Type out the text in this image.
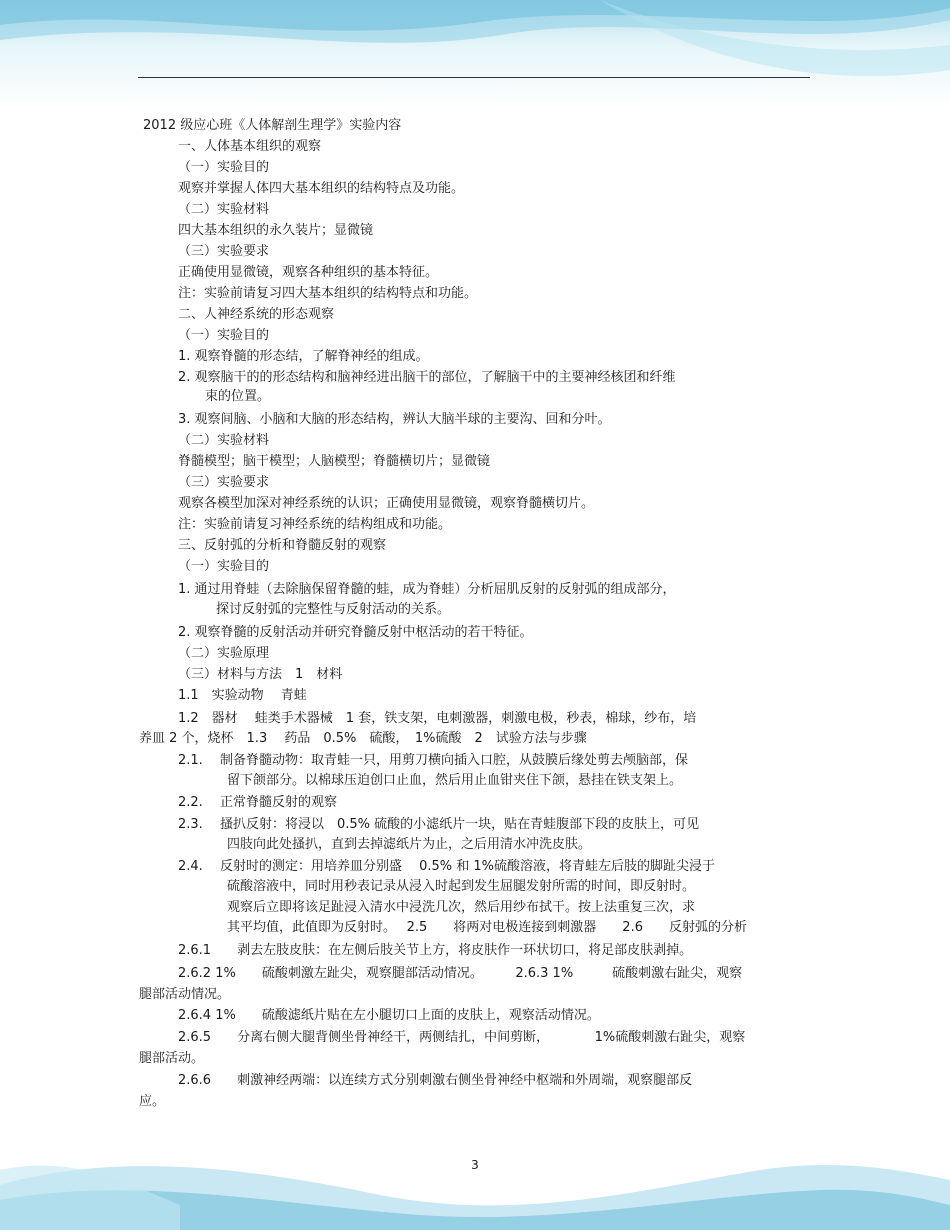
2012 级应心班《人体解剖生理学》实验内容
一、人体基本组织的观察
（一）实验目的
观察并掌握人体四大基本组织的结构特点及功能。
（二）实验材料
四大基本组织的永久装片；显微镜
（三）实验要求
正确使用显微镜，观察各种组织的基本特征。
注：实验前请复习四大基本组织的结构特点和功能。
二、人神经系统的形态观察
（一）实验目的
1. 观察脊髓的形态结，了解脊神经的组成。
2. 观察脑干的的形态结构和脑神经进出脑干的部位，了解脑干中的主要神经核团和纤维
束的位置。
3. 观察间脑、小脑和大脑的形态结构，辨认大脑半球的主要沟、回和分叶。
（二）实验材料
脊髓模型；脑干模型；人脑模型；脊髓横切片；显微镜
（三）实验要求
观察各模型加深对神经系统的认识；正确使用显微镜，观察脊髓横切片。
注：实验前请复习神经系统的结构组成和功能。
三、反射弧的分析和脊髓反射的观察
（一）实验目的
1. 通过用脊蛙（去除脑保留脊髓的蛙，成为脊蛙）分析屈肌反射的反射弧的组成部分，
探讨反射弧的完整性与反射活动的关系。
2. 观察脊髓的反射活动并研究脊髓反射中枢活动的若干特征。
（二）实验原理
（三）材料与方法　1　材料
1.1　实验动物　 青蛙
1.2　器材　 蛙类手术器械　1 套，铁支架，电刺激器，刺激电极，秒表，棉球，纱布，培
养皿 2 个，烧杯　1.3　 药品　0.5%　硫酸，　1%硫酸　2　试验方法与步骤
2.1.　 制备脊髓动物：取青蛙一只，用剪刀横向插入口腔，从鼓膜后缘处剪去颅脑部，保
留下颌部分。以棉球压迫创口止血，然后用止血钳夹住下颌，悬挂在铁支架上。
2.2.　 正常脊髓反射的观察
2.3.　 搔扒反射：将浸以　0.5% 硫酸的小滤纸片一块，贴在青蛙腹部下段的皮肤上，可见
四肢向此处搔扒，直到去掉滤纸片为止，之后用清水冲洗皮肤。
2.4.　 反射时的测定：用培养皿分别盛　 0.5% 和 1%硫酸溶液，将青蛙左后肢的脚趾尖浸于
硫酸溶液中，同时用秒表记录从浸入时起到发生屈腿发射所需的时间，即反射时。
观察后立即将该足趾浸入清水中浸洗几次，然后用纱布拭干。按上法重复三次，求
其平均值，此值即为反射时。　 2.5　　将两对电极连接到刺激器　　2.6　　反射弧的分析
2.6.1　　剥去左肢皮肤：在左侧后肢关节上方，将皮肤作一环状切口，将足部皮肤剥掉。
2.6.2 1%　　硫酸刺激左趾尖，观察腿部活动情况。　　　2.6.3 1%　　　硫酸刺激右趾尖，观察
腿部活动情况。
2.6.4 1%　　硫酸滤纸片贴在左小腿切口上面的皮肤上，观察活动情况。
2.6.5　　分离右侧大腿背侧坐骨神经干，两侧结扎，中间剪断，　　　　1%硫酸刺激右趾尖，观察
腿部活动。
2.6.6　　刺激神经两端：以连续方式分别刺激右侧坐骨神经中枢端和外周端，观察腿部反
应。
3
